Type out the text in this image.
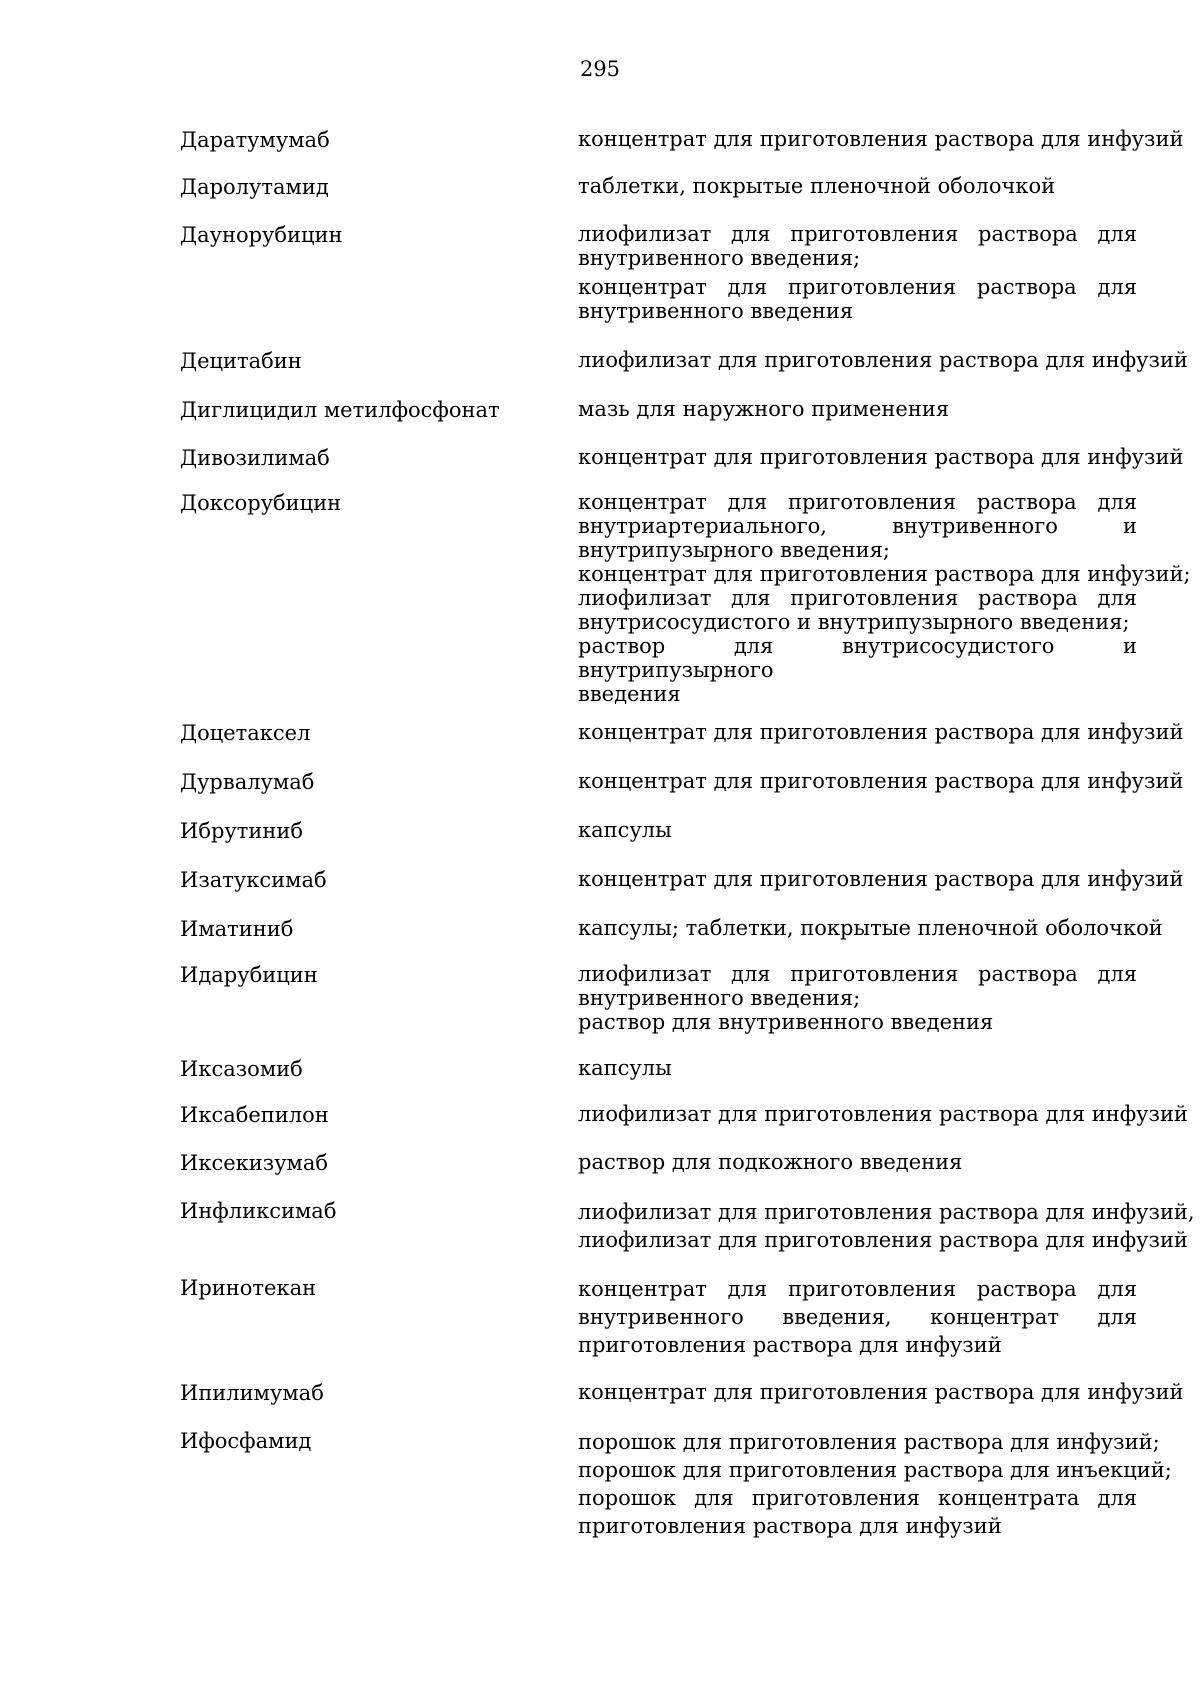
295
Даратумумаб	концентрат для приготовления раствора для инфузий
Даролутамид	таблетки, покрытые пленочной оболочкой
Даунорубицин	лиофилизат для приготовления раствора для
внутривенного введения;
концентрат для приготовления раствора для
внутривенного введения
Децитабин	лиофилизат для приготовления раствора для инфузий
Диглицидил метилфосфонат	мазь для наружного применения
Дивозилимаб	концентрат для приготовления раствора для инфузий
Доксорубицин	концентрат для приготовления раствора для
внутриартериального, внутривенного и
внутрипузырного введения;
концентрат для приготовления раствора для инфузий;
лиофилизат для приготовления раствора для
внутрисосудистого и внутрипузырного введения;
раствор для внутрисосудистого и внутрипузырного
введения
Доцетаксел	концентрат для приготовления раствора для инфузий
Дурвалумаб	концентрат для приготовления раствора для инфузий
Ибрутиниб	капсулы
Изатуксимаб	концентрат для приготовления раствора для инфузий
Иматиниб	капсулы; таблетки, покрытые пленочной оболочкой
Идарубицин	лиофилизат для приготовления раствора для
внутривенного введения;
раствор для внутривенного введения
Иксазомиб	капсулы
Иксабепилон	лиофилизат для приготовления раствора для инфузий
Иксекизумаб	раствор для подкожного введения
Инфликсимаб	лиофилизат для приготовления раствора для инфузий,
лиофилизат для приготовления раствора для инфузий
Иринотекан	концентрат для приготовления раствора для
внутривенного введения, концентрат для
приготовления раствора для инфузий
Ипилимумаб	концентрат для приготовления раствора для инфузий
Ифосфамид	порошок для приготовления раствора для инфузий;
порошок для приготовления раствора для инъекций;
порошок для приготовления концентрата для
приготовления раствора для инфузий
